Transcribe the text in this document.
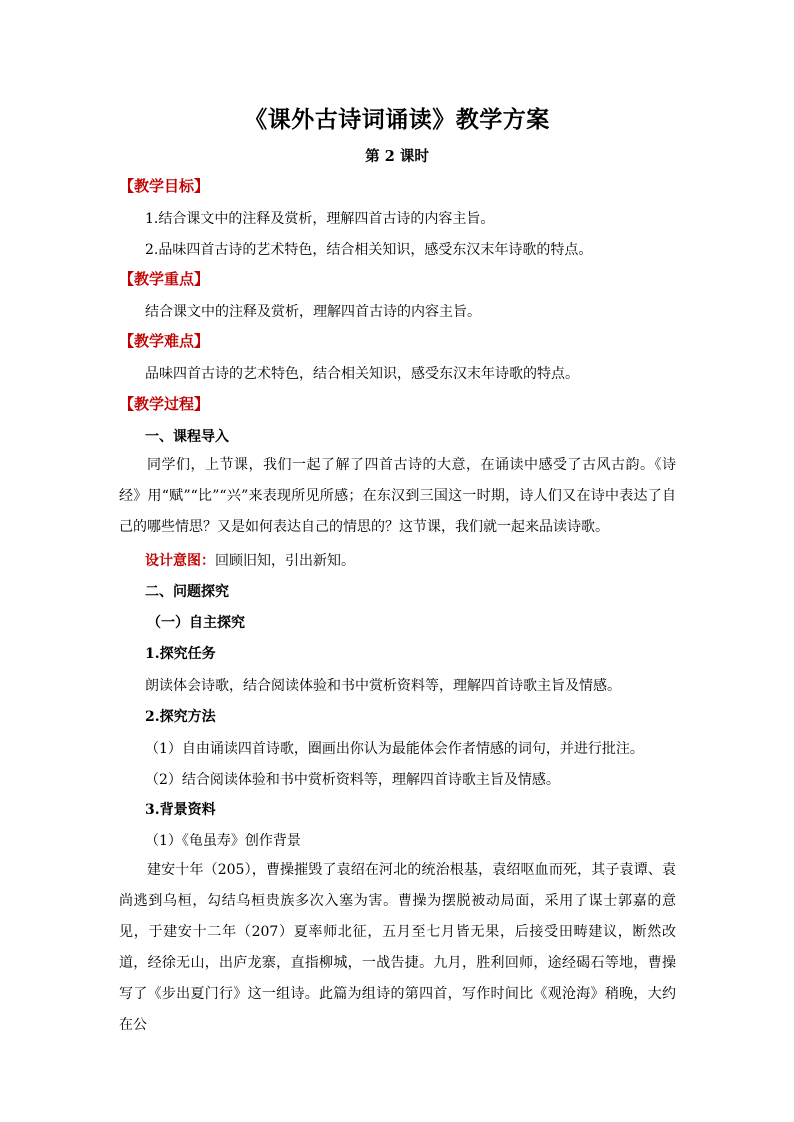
《课外古诗词诵读》教学方案
第 2 课时
【教学目标】
1.结合课文中的注释及赏析，理解四首古诗的内容主旨。
2.品味四首古诗的艺术特色，结合相关知识，感受东汉末年诗歌的特点。
【教学重点】
结合课文中的注释及赏析，理解四首古诗的内容主旨。
【教学难点】
品味四首古诗的艺术特色，结合相关知识，感受东汉末年诗歌的特点。
【教学过程】
一、课程导入
同学们，上节课，我们一起了解了四首古诗的大意，在诵读中感受了古风古韵。《诗经》用“赋”“比”“兴”来表现所见所感；在东汉到三国这一时期，诗人们又在诗中表达了自己的哪些情思？又是如何表达自己的情思的？这节课，我们就一起来品读诗歌。
设计意图：回顾旧知，引出新知。
二、问题探究
（一）自主探究
1.探究任务
朗读体会诗歌，结合阅读体验和书中赏析资料等，理解四首诗歌主旨及情感。
2.探究方法
（1）自由诵读四首诗歌，圈画出你认为最能体会作者情感的词句，并进行批注。
（2）结合阅读体验和书中赏析资料等，理解四首诗歌主旨及情感。
3.背景资料
（1）《龟虽寿》创作背景
建安十年（205），曹操摧毁了袁绍在河北的统治根基，袁绍呕血而死，其子袁谭、袁尚逃到乌桓，勾结乌桓贵族多次入塞为害。曹操为摆脱被动局面，采用了谋士郭嘉的意见，于建安十二年（207）夏率师北征，五月至七月皆无果，后接受田畴建议，断然改道，经徐无山，出庐龙寨，直指柳城，一战告捷。九月，胜利回师，途经碣石等地，曹操写了《步出夏门行》这一组诗。此篇为组诗的第四首，写作时间比《观沧海》稍晚，大约在公
